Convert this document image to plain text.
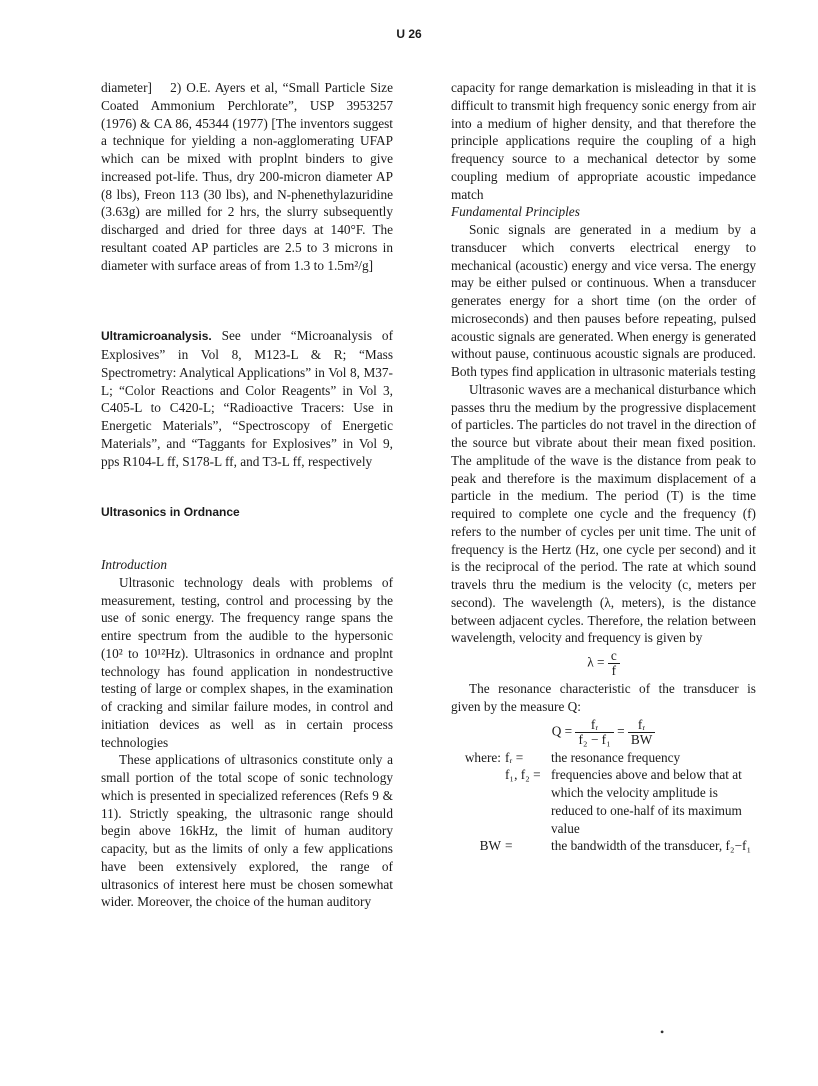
U 26

diameter]  2) O.E. Ayers et al, “Small Particle Size Coated Ammonium Perchlorate”, USP 3953257 (1976) & CA 86, 45344 (1977) [The inventors suggest a technique for yielding a non-agglomerating UFAP which can be mixed with proplnt binders to give increased pot-life. Thus, dry 200-micron diameter AP (8 lbs), Freon 113 (30 lbs), and N-phenethylazuridine (3.63g) are milled for 2 hrs, the slurry subsequently discharged and dried for three days at 140°F. The resultant coated AP particles are 2.5 to 3 microns in diameter with surface areas of from 1.3 to 1.5m²/g]

Ultramicroanalysis. See under “Microanalysis of Explosives” in Vol 8, M123-L & R; “Mass Spectrometry: Analytical Applications” in Vol 8, M37-L; “Color Reactions and Color Reagents” in Vol 3, C405-L to C420-L; “Radioactive Tracers: Use in Energetic Materials”, “Spectroscopy of Energetic Materials”, and “Taggants for Explosives” in Vol 9, pps R104-L ff, S178-L ff, and T3-L ff, respectively

Ultrasonics in Ordnance

Introduction

Ultrasonic technology deals with problems of measurement, testing, control and processing by the use of sonic energy. The frequency range spans the entire spectrum from the audible to the hypersonic (10² to 10¹²Hz). Ultrasonics in ordnance and proplnt technology has found application in nondestructive testing of large or complex shapes, in the examination of cracking and similar failure modes, in control and initiation devices as well as in certain process technologies

These applications of ultrasonics constitute only a small portion of the total scope of sonic technology which is presented in specialized references (Refs 9 & 11). Strictly speaking, the ultrasonic range should begin above 16kHz, the limit of human auditory capacity, but as the limits of only a few applications have been extensively explored, the range of ultrasonics of interest here must be chosen somewhat wider. Moreover, the choice of the human auditory

capacity for range demarkation is misleading in that it is difficult to transmit high frequency sonic energy from air into a medium of higher density, and that therefore the principle applications require the coupling of a high frequency source to a mechanical detector by some coupling medium of appropriate acoustic impedance match

Fundamental Principles

Sonic signals are generated in a medium by a transducer which converts electrical energy to mechanical (acoustic) energy and vice versa. The energy may be either pulsed or continuous. When a transducer generates energy for a short time (on the order of microseconds) and then pauses before repeating, pulsed acoustic signals are generated. When energy is generated without pause, continuous acoustic signals are produced. Both types find application in ultrasonic materials testing

Ultrasonic waves are a mechanical disturbance which passes thru the medium by the progressive displacement of particles. The particles do not travel in the direction of the source but vibrate about their mean fixed position. The amplitude of the wave is the distance from peak to peak and therefore is the maximum displacement of a particle in the medium. The period (T) is the time required to complete one cycle and the frequency (f) refers to the number of cycles per unit time. The unit of frequency is the Hertz (Hz, one cycle per second) and it is the reciprocal of the period. The rate at which sound travels thru the medium is the velocity (c, meters per second). The wavelength (λ, meters), is the distance between adjacent cycles. Therefore, the relation between wavelength, velocity and frequency is given by

$\lambda = \frac{c}{f}$

The resonance characteristic of the transducer is given by the measure Q:

$Q = \frac{\text{fᵣ}}{\text{f₂ − f₁}} = \frac{\text{fᵣ}}{BW}$
where: fᵣ =	the resonance frequency
f₁, f₂ = frequencies above and below that at which the velocity amplitude is reduced to one-half of its maximum value
BW =	the bandwidth of the transducer, f₂−f₁
•
